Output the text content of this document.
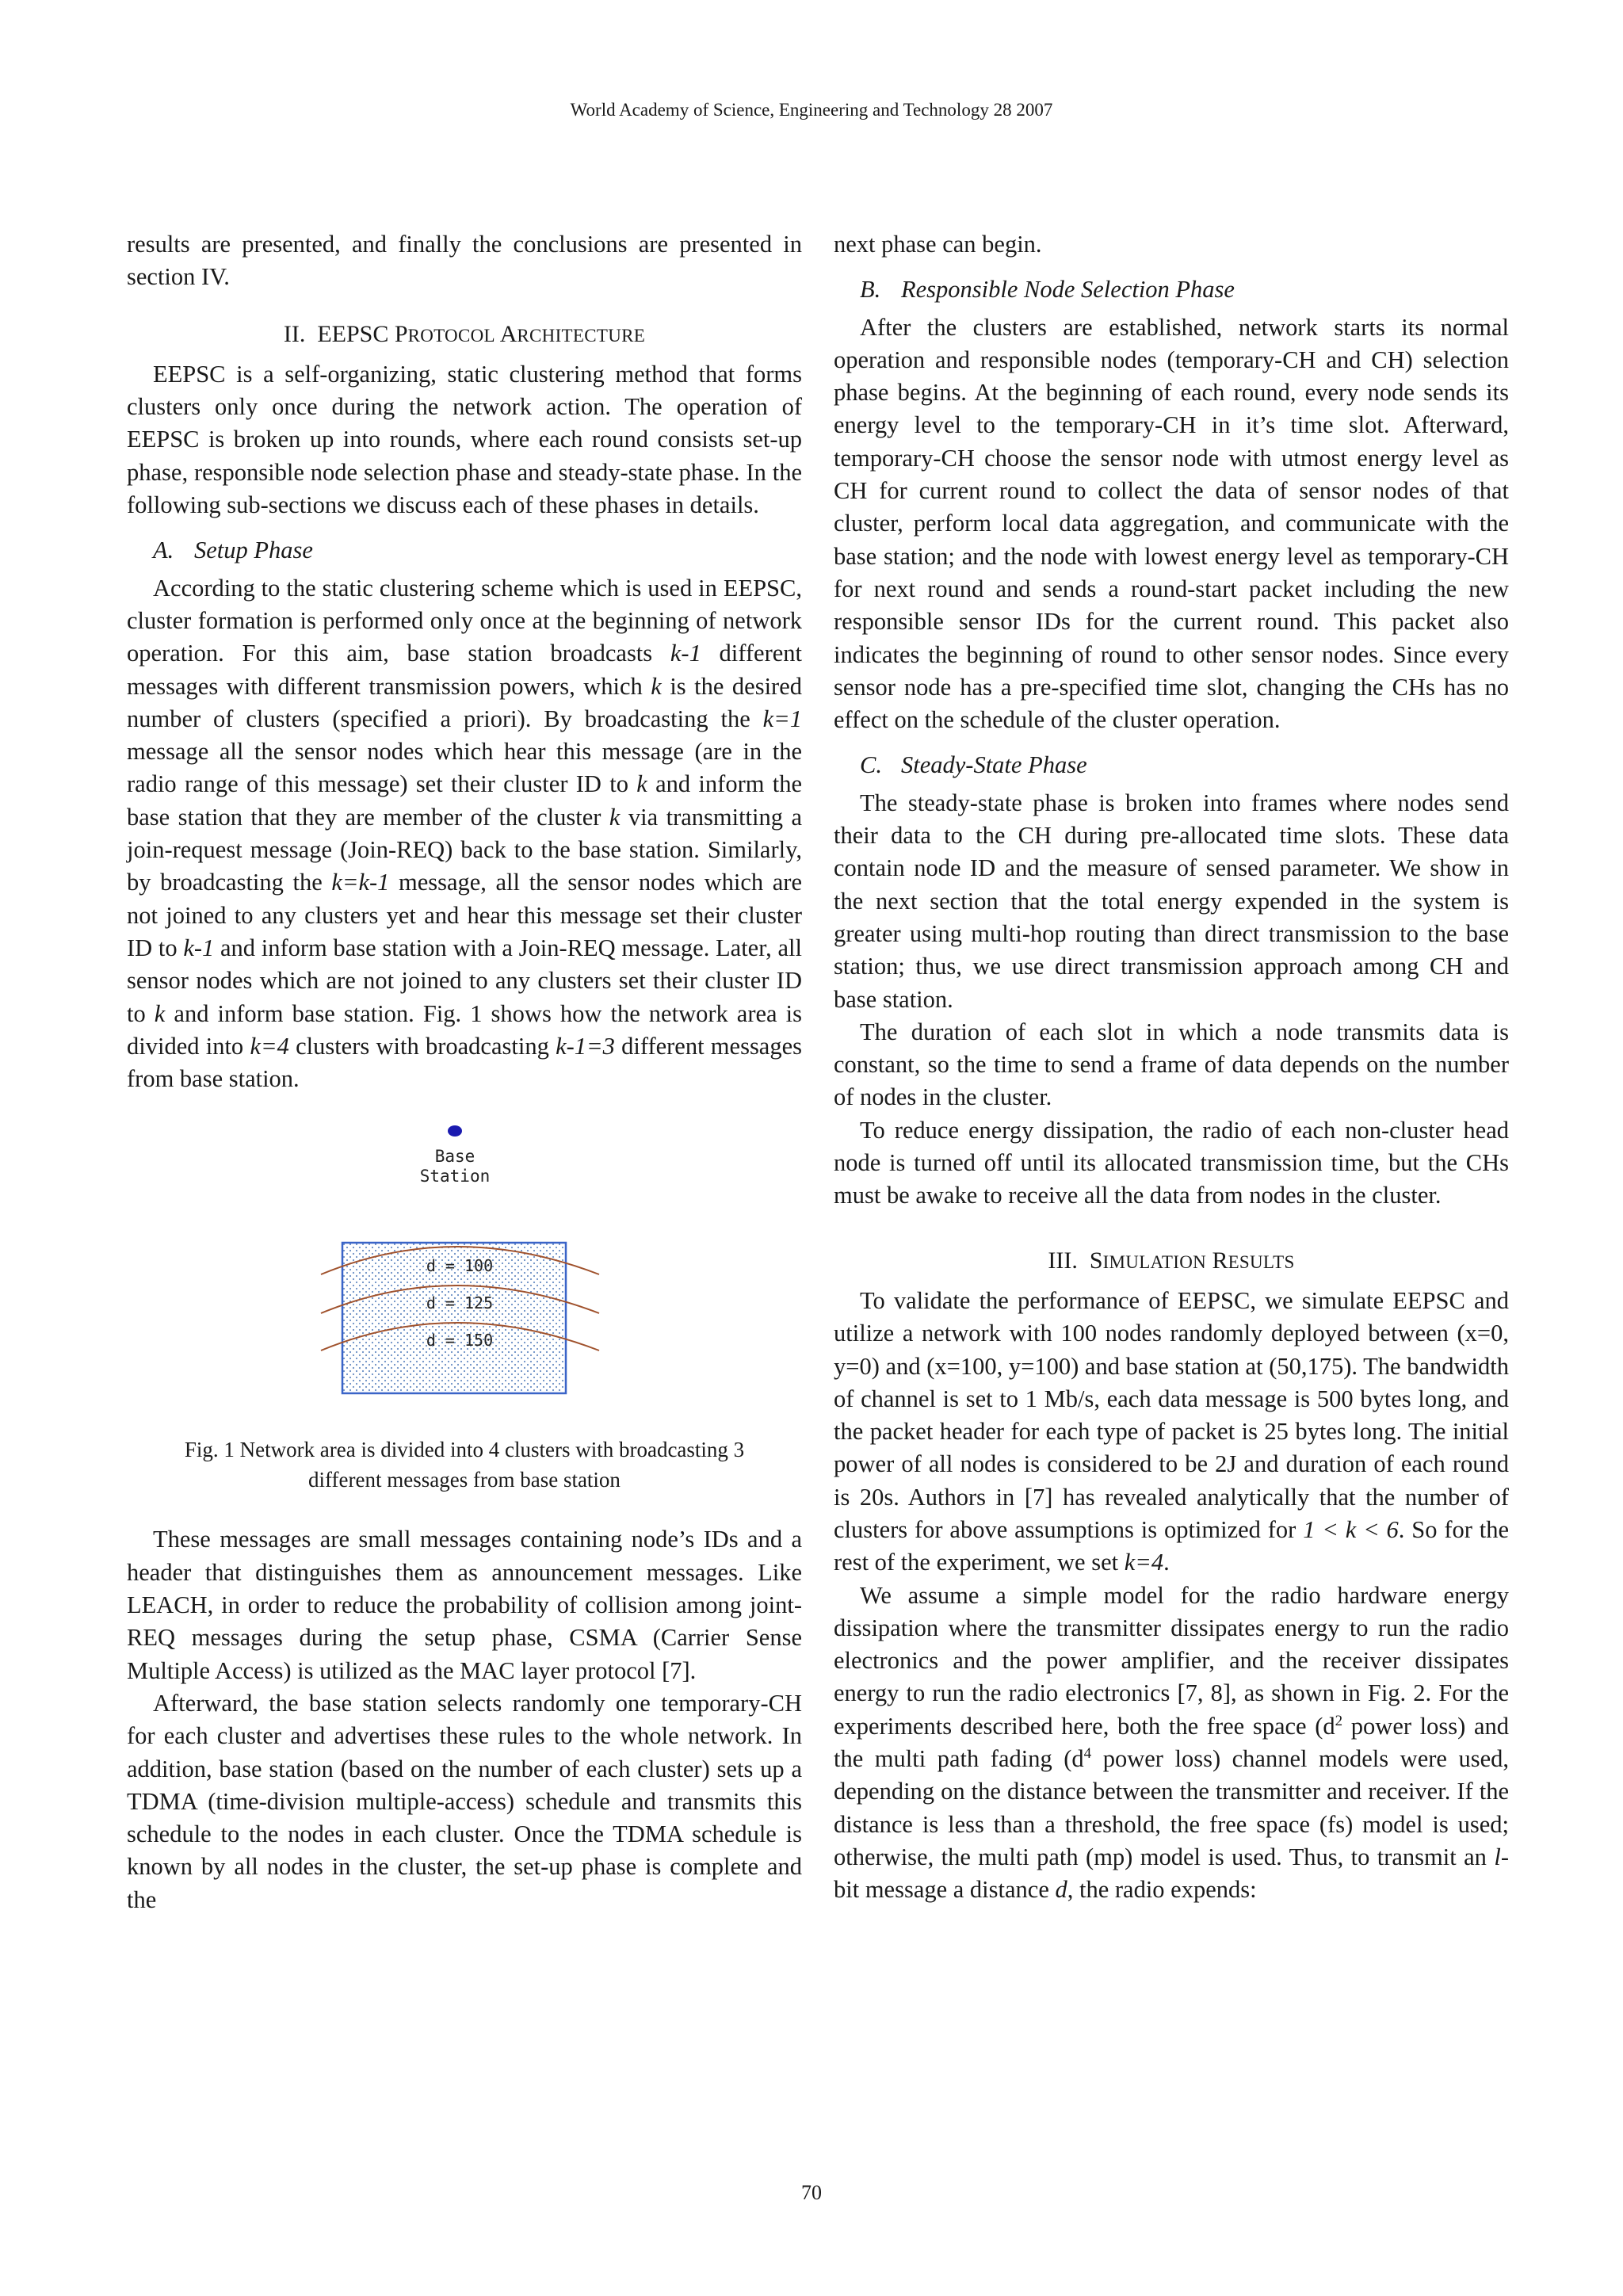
World Academy of Science, Engineering and Technology 28 2007

results are presented, and finally the conclusions are presented in section IV.

II. EEPSC PROTOCOL ARCHITECTURE

EEPSC is a self-organizing, static clustering method that forms clusters only once during the network action. The operation of EEPSC is broken up into rounds, where each round consists set-up phase, responsible node selection phase and steady-state phase. In the following sub-sections we discuss each of these phases in details.

A. Setup Phase

According to the static clustering scheme which is used in EEPSC, cluster formation is performed only once at the beginning of network operation. For this aim, base station broadcasts k-1 different messages with different transmission powers, which k is the desired number of clusters (specified a priori). By broadcasting the k=1 message all the sensor nodes which hear this message (are in the radio range of this message) set their cluster ID to k and inform the base station that they are member of the cluster k via transmitting a join-request message (Join-REQ) back to the base station. Similarly, by broadcasting the k=k-1 message, all the sensor nodes which are not joined to any clusters yet and hear this message set their cluster ID to k-1 and inform base station with a Join-REQ message. Later, all sensor nodes which are not joined to any clusters set their cluster ID to k and inform base station. Fig. 1 shows how the network area is divided into k=4 clusters with broadcasting k-1=3 different messages from base station.

Base
Station
d = 100
d = 125
d = 150
Fig. 1 Network area is divided into 4 clusters with broadcasting 3 different messages from base station

These messages are small messages containing node’s IDs and a header that distinguishes them as announcement messages. Like LEACH, in order to reduce the probability of collision among joint-REQ messages during the setup phase, CSMA (Carrier Sense Multiple Access) is utilized as the MAC layer protocol [7].

Afterward, the base station selects randomly one temporary-CH for each cluster and advertises these rules to the whole network. In addition, base station (based on the number of each cluster) sets up a TDMA (time-division multiple-access) schedule and transmits this schedule to the nodes in each cluster. Once the TDMA schedule is known by all nodes in the cluster, the set-up phase is complete and the

next phase can begin.

B. Responsible Node Selection Phase

After the clusters are established, network starts its normal operation and responsible nodes (temporary-CH and CH) selection phase begins. At the beginning of each round, every node sends its energy level to the temporary-CH in it’s time slot. Afterward, temporary-CH choose the sensor node with utmost energy level as CH for current round to collect the data of sensor nodes of that cluster, perform local data aggregation, and communicate with the base station; and the node with lowest energy level as temporary-CH for next round and sends a round-start packet including the new responsible sensor IDs for the current round. This packet also indicates the beginning of round to other sensor nodes. Since every sensor node has a pre-specified time slot, changing the CHs has no effect on the schedule of the cluster operation.

C. Steady-State Phase

The steady-state phase is broken into frames where nodes send their data to the CH during pre-allocated time slots. These data contain node ID and the measure of sensed parameter. We show in the next section that the total energy expended in the system is greater using multi-hop routing than direct transmission to the base station; thus, we use direct transmission approach among CH and base station.

The duration of each slot in which a node transmits data is constant, so the time to send a frame of data depends on the number of nodes in the cluster.

To reduce energy dissipation, the radio of each non-cluster head node is turned off until its allocated transmission time, but the CHs must be awake to receive all the data from nodes in the cluster.

III. SIMULATION RESULTS

To validate the performance of EEPSC, we simulate EEPSC and utilize a network with 100 nodes randomly deployed between (x=0, y=0) and (x=100, y=100) and base station at (50,175). The bandwidth of channel is set to 1 Mb/s, each data message is 500 bytes long, and the packet header for each type of packet is 25 bytes long. The initial power of all nodes is considered to be 2J and duration of each round is 20s. Authors in [7] has revealed analytically that the number of clusters for above assumptions is optimized for 1 < k < 6. So for the rest of the experiment, we set k=4.

We assume a simple model for the radio hardware energy dissipation where the transmitter dissipates energy to run the radio electronics and the power amplifier, and the receiver dissipates energy to run the radio electronics [7, 8], as shown in Fig. 2. For the experiments described here, both the free space ($d^2$ power loss) and the multi path fading ($d^4$ power loss) channel models were used, depending on the distance between the transmitter and receiver. If the distance is less than a threshold, the free space (fs) model is used; otherwise, the multi path (mp) model is used. Thus, to transmit an l-bit message a distance d, the radio expends:

70
